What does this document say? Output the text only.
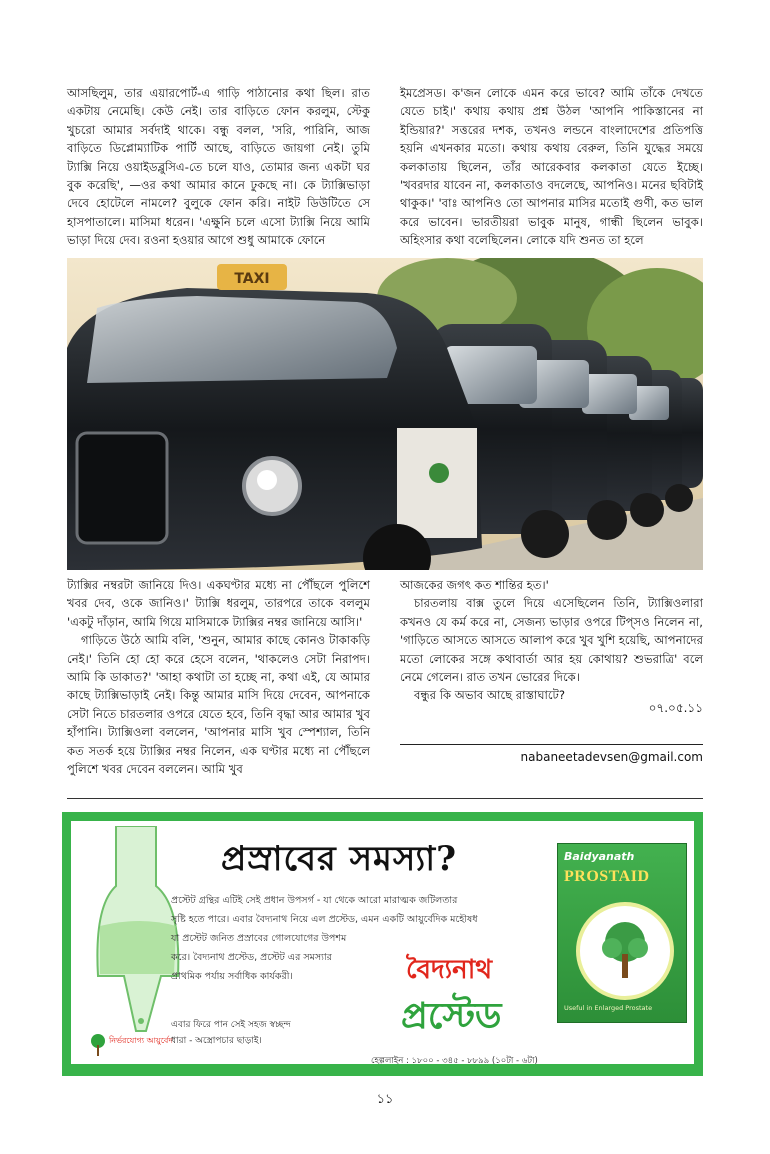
আসছিলুম, তার এয়ারপোর্ট-এ গাড়ি পাঠানোর কথা ছিল। রাত একটায় নেমেছি। কেউ নেই। তার বাড়িতে ফোন করলুম, স্টেকু খুচরো আমার সর্বদাই থাকে। বন্ধু বলল, 'সরি, পারিনি, আজ বাড়িতে ডিপ্লোম্যাটিক পার্টি আছে, বাড়িতে জায়গা নেই। তুমি ট্যাক্সি নিয়ে ওয়াইডব্লুসিএ-তে চলে যাও, তোমার জন্য একটা ঘর বুক করেছি', —ওর কথা আমার কানে ঢুকছে না। কে ট্যাক্সিভাড়া দেবে হোটেলে নামলে? বুলুকে ফোন করি। নাইট ডিউটিতে সে হাসপাতালে। মাসিমা ধরেন। 'এক্ষুনি চলে এসো ট্যাক্সি নিয়ে আমি ভাড়া দিয়ে দেব। রওনা হওয়ার আগে শুধু আমাকে ফোনে

ইমপ্রেসড। ক'জন লোকে এমন করে ভাবে? আমি তাঁকে দেখতে যেতে চাই।' কথায় কথায় প্রশ্ন উঠল 'আপনি পাকিস্তানের না ইন্ডিয়ার?' সত্তরের দশক, তখনও লন্ডনে বাংলাদেশের প্রতিপত্তি হয়নি এখনকার মতো। কথায় কথায় বেরুল, তিনি যুদ্ধের সময়ে কলকাতায় ছিলেন, তাঁর আরেকবার কলকাতা যেতে ইচ্ছে। 'খবরদার যাবেন না, কলকাতাও বদলেছে, আপনিও। মনের ছবিটাই থাকুক।' 'বাঃ আপনিও তো আপনার মাসির মতোই গুণী, কত ভাল করে ভাবেন। ভারতীয়রা ভাবুক মানুষ, গান্ধী ছিলেন ভাবুক। অহিংসার কথা বলেছিলেন। লোকে যদি শুনত তা হলে

TAXI

ট্যাক্সির নম্বরটা জানিয়ে দিও। একঘণ্টার মধ্যে না পৌঁছলে পুলিশে খবর দেব, ওকে জানিও।' ট্যাক্সি ধরলুম, তারপরে তাকে বললুম 'একটু দাঁড়ান, আমি গিয়ে মাসিমাকে ট্যাক্সির নম্বর জানিয়ে আসি।'

গাড়িতে উঠে আমি বলি, 'শুনুন, আমার কাছে কোনও টাকাকড়ি নেই।' তিনি হো হো করে হেসে বলেন, 'থাকলেও সেটা নিরাপদ। আমি কি ডাকাত?' 'আহা কথাটা তা হচ্ছে না, কথা এই, যে আমার কাছে ট্যাক্সিভাড়াই নেই। কিন্তু আমার মাসি দিয়ে দেবেন, আপনাকে সেটা নিতে চারতলার ওপরে যেতে হবে, তিনি বৃদ্ধা আর আমার খুব হাঁপানি। ট্যাক্সিওলা বললেন, 'আপনার মাসি খুব স্পেশ্যাল, তিনি কত সতর্ক হয়ে ট্যাক্সির নম্বর নিলেন, এক ঘণ্টার মধ্যে না পৌঁছলে পুলিশে খবর দেবেন বললেন। আমি খুব

আজকের জগৎ কত শান্তির হত।'

চারতলায় বাক্স তুলে দিয়ে এসেছিলেন তিনি, ট্যাক্সিওলারা কখনও যে কর্ম করে না, সেজন্য ভাড়ার ওপরে টিপ্‌সও নিলেন না, 'গাড়িতে আসতে আসতে আলাপ করে খুব খুশি হয়েছি, আপনাদের মতো লোকের সঙ্গে কথাবার্তা আর হয় কোথায়? শুভরাত্রি' বলে নেমে গেলেন। রাত তখন ভোরের দিকে।

বন্ধুর কি অভাব আছে রাস্তাঘাটে?

০৭.০৫.১১
nabaneetadevsen@gmail.com
নির্ভরযোগ্য আয়ুর্বেদ
প্রস্রাবের সমস্যা?

প্রস্টেট গ্রন্থির এটিই সেই প্রধান উপসর্গ - যা থেকে আরো মারাত্মক জটিলতার

সৃষ্টি হতে পারে। এবার বৈদ্যনাথ নিয়ে এল প্রস্টেড, এমন একটি আয়ুর্বেদিক মহৌষধ

যা প্রস্টেট জনিত প্রস্রাবের গোলযোগের উপশম

করে। বৈদ্যনাথ প্রস্টেড, প্রস্টেট এর সমস্যার

প্রাথমিক পর্যায় সর্বাধিক কার্যকরী।	বৈদ্যনাথ
প্রস্টেড
এবার ফিরে পান সেই সহজ স্বচ্ছন্দ
ধারা - অস্ত্রোপচার ছাড়াই।
হেল্পলাইন : ১৮০০ - ৩৪৫ - ৮৮৯৯ (১০টা - ৬টা)
Baidyanath
PROSTAID
Useful in Enlarged Prostate
১১
